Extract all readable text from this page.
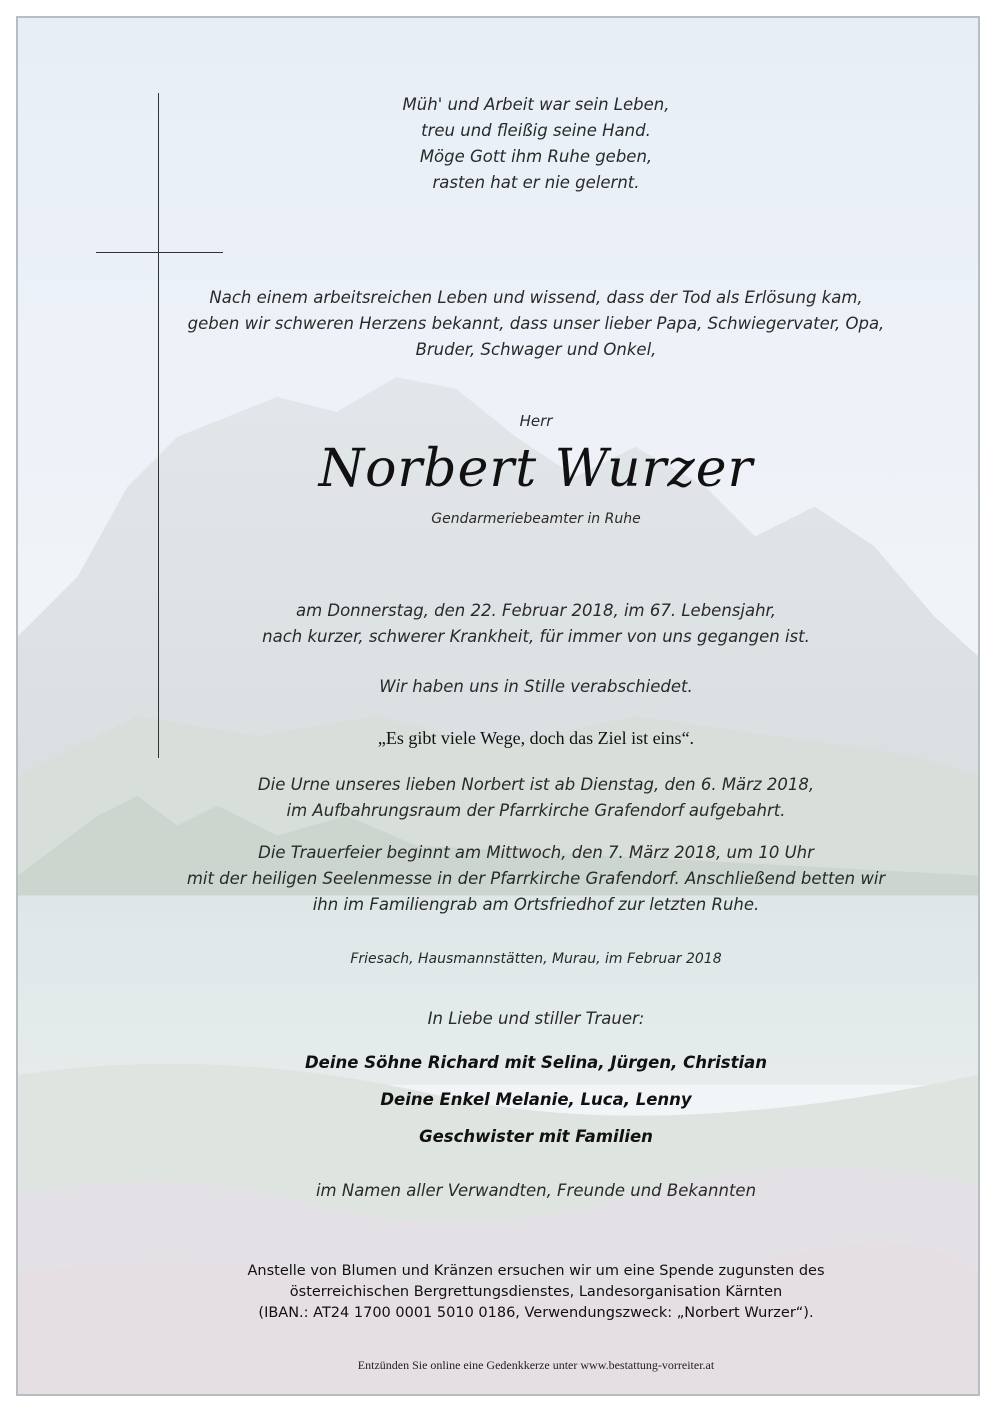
Müh' und Arbeit war sein Leben,
treu und fleißig seine Hand.
Möge Gott ihm Ruhe geben,
rasten hat er nie gelernt.
Nach einem arbeitsreichen Leben und wissend, dass der Tod als Erlösung kam,
geben wir schweren Herzens bekannt, dass unser lieber Papa, Schwiegervater, Opa,
Bruder, Schwager und Onkel,
Herr
Norbert Wurzer
Gendarmeriebeamter in Ruhe
am Donnerstag, den 22. Februar 2018, im 67. Lebensjahr,
nach kurzer, schwerer Krankheit, für immer von uns gegangen ist.
Wir haben uns in Stille verabschiedet.
„Es gibt viele Wege, doch das Ziel ist eins“.
Die Urne unseres lieben Norbert ist ab Dienstag, den 6. März 2018,
im Aufbahrungsraum der Pfarrkirche Grafendorf aufgebahrt.
Die Trauerfeier beginnt am Mittwoch, den 7. März 2018, um 10 Uhr
mit der heiligen Seelenmesse in der Pfarrkirche Grafendorf. Anschließend betten wir
ihn im Familiengrab am Ortsfriedhof zur letzten Ruhe.
Friesach, Hausmannstätten, Murau, im Februar 2018
In Liebe und stiller Trauer:
Deine Söhne Richard mit Selina, Jürgen, Christian
Deine Enkel Melanie, Luca, Lenny
Geschwister mit Familien
im Namen aller Verwandten, Freunde und Bekannten
Anstelle von Blumen und Kränzen ersuchen wir um eine Spende zugunsten des
österreichischen Bergrettungsdienstes, Landesorganisation Kärnten
(IBAN.: AT24 1700 0001 5010 0186, Verwendungszweck: „Norbert Wurzer“).
Entzünden Sie online eine Gedenkkerze unter www.bestattung-vorreiter.at
